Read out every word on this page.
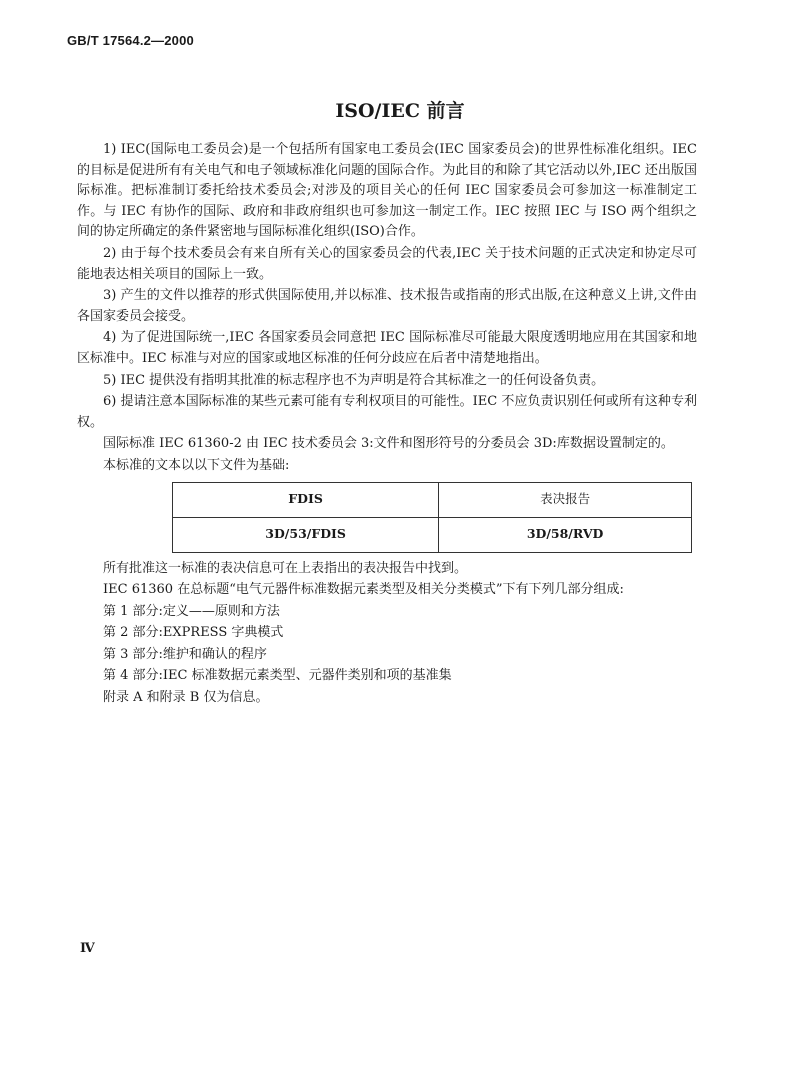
GB/T 17564.2—2000
ISO/IEC 前言

1) IEC(国际电工委员会)是一个包括所有国家电工委员会(IEC 国家委员会)的世界性标准化组织。IEC 的目标是促进所有有关电气和电子领域标准化问题的国际合作。为此目的和除了其它活动以外,IEC 还出版国际标准。把标准制订委托给技术委员会;对涉及的项目关心的任何 IEC 国家委员会可参加这一标准制定工作。与 IEC 有协作的国际、政府和非政府组织也可参加这一制定工作。IEC 按照 IEC 与 ISO 两个组织之间的协定所确定的条件紧密地与国际标准化组织(ISO)合作。

2) 由于每个技术委员会有来自所有关心的国家委员会的代表,IEC 关于技术问题的正式决定和协定尽可能地表达相关项目的国际上一致。

3) 产生的文件以推荐的形式供国际使用,并以标准、技术报告或指南的形式出版,在这种意义上讲,文件由各国家委员会接受。

4) 为了促进国际统一,IEC 各国家委员会同意把 IEC 国际标准尽可能最大限度透明地应用在其国家和地区标准中。IEC 标准与对应的国家或地区标准的任何分歧应在后者中清楚地指出。

5) IEC 提供没有指明其批准的标志程序也不为声明是符合其标准之一的任何设备负责。

6) 提请注意本国际标准的某些元素可能有专利权项目的可能性。IEC 不应负责识别任何或所有这种专利权。

国际标准 IEC 61360-2 由 IEC 技术委员会 3:文件和图形符号的分委员会 3D:库数据设置制定的。

本标准的文本以以下文件为基础:

FDIS	表决报告
3D/53/FDIS	3D/58/RVD

所有批准这一标准的表决信息可在上表指出的表决报告中找到。

IEC 61360 在总标题“电气元器件标准数据元素类型及相关分类模式”下有下列几部分组成:

第 1 部分:定义——原则和方法

第 2 部分:EXPRESS 字典模式

第 3 部分:维护和确认的程序

第 4 部分:IEC 标准数据元素类型、元器件类别和项的基准集

附录 A 和附录 B 仅为信息。

Ⅳ
